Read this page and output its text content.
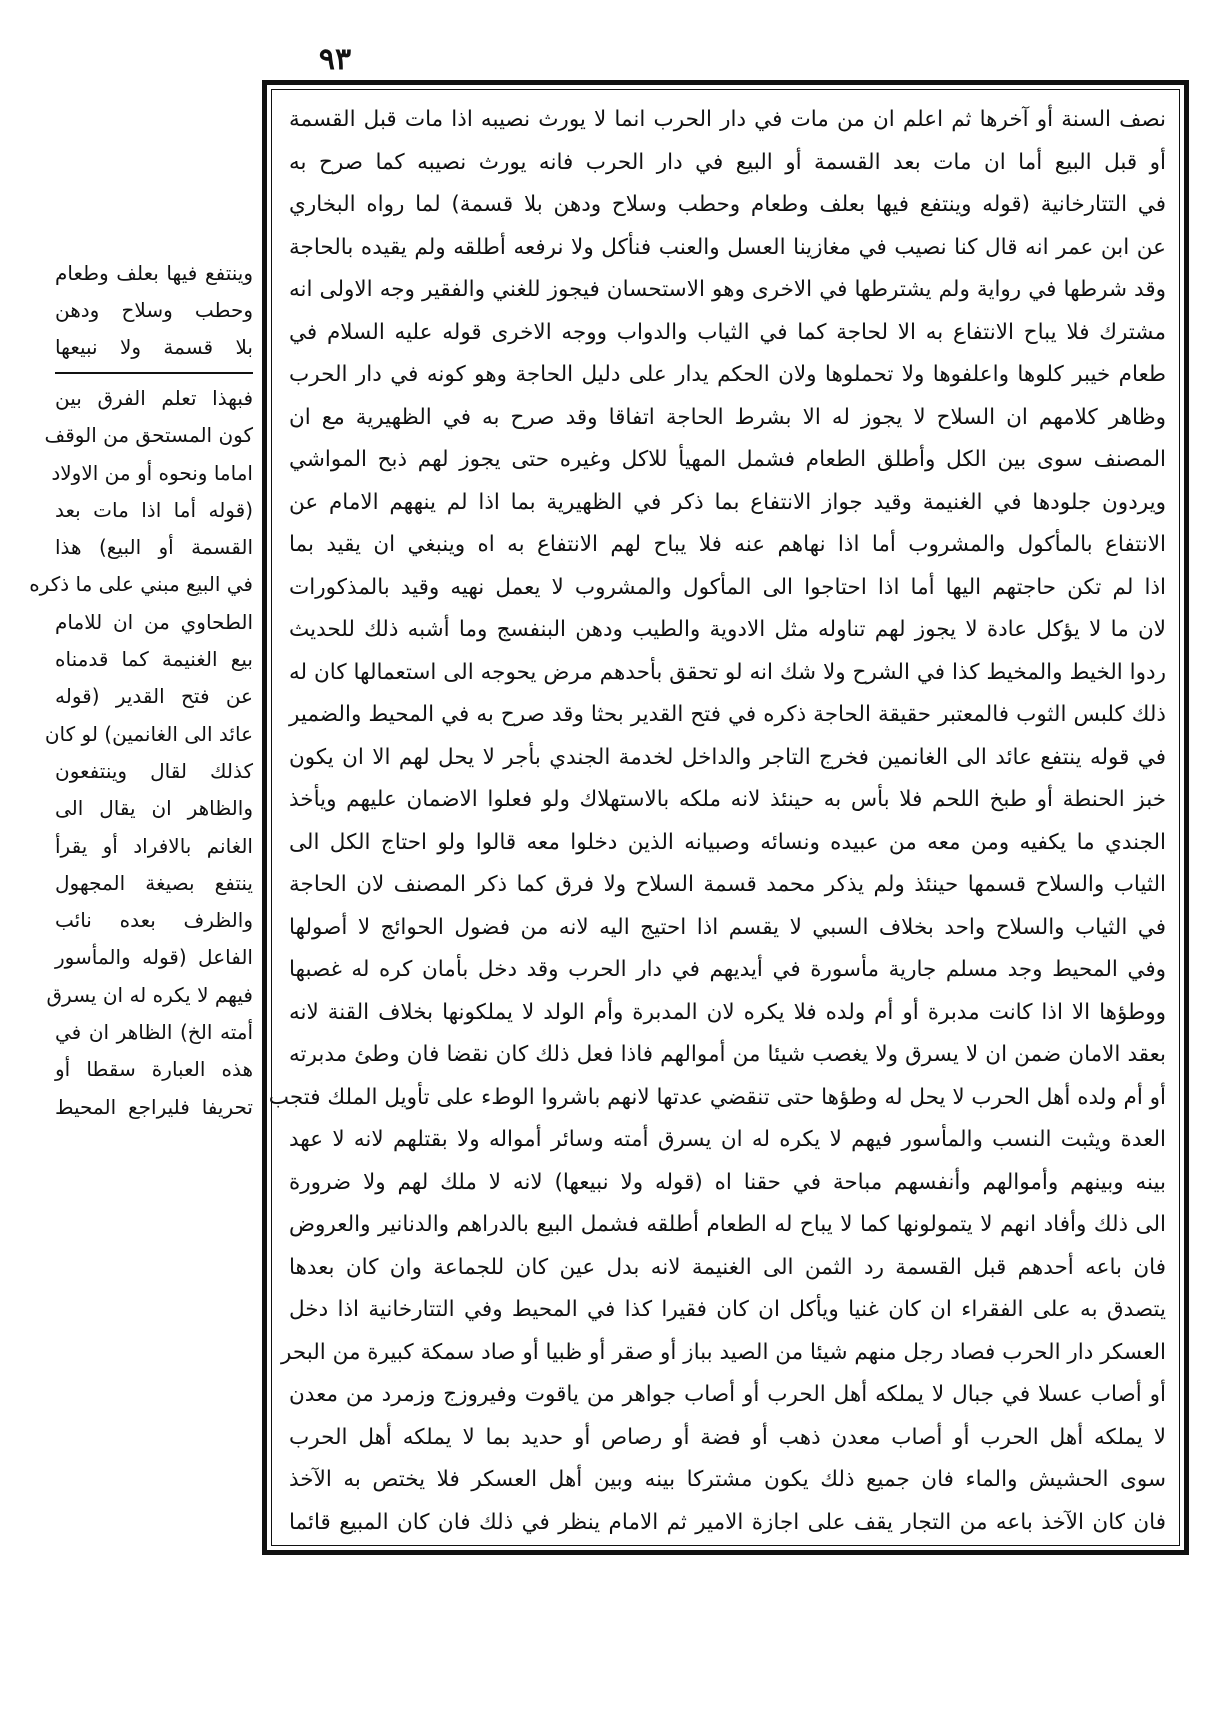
٩٣
نصف السنة أو آخرها ثم اعلم ان من مات في دار الحرب انما لا يورث نصيبه اذا مات قبل القسمة
أو قبل البيع أما ان مات بعد القسمة أو البيع في دار الحرب فانه يورث نصيبه كما صرح به
في التتارخانية (قوله وينتفع فيها بعلف وطعام وحطب وسلاح ودهن بلا قسمة) لما رواه البخاري
عن ابن عمر انه قال كنا نصيب في مغازينا العسل والعنب فنأكل ولا نرفعه أطلقه ولم يقيده بالحاجة
وقد شرطها في رواية ولم يشترطها في الاخرى وهو الاستحسان فيجوز للغني والفقير وجه الاولى انه
مشترك فلا يباح الانتفاع به الا لحاجة كما في الثياب والدواب ووجه الاخرى قوله عليه السلام في
طعام خيبر كلوها واعلفوها ولا تحملوها ولان الحكم يدار على دليل الحاجة وهو كونه في دار الحرب
وظاهر كلامهم ان السلاح لا يجوز له الا بشرط الحاجة اتفاقا وقد صرح به في الظهيرية مع ان
المصنف سوى بين الكل وأطلق الطعام فشمل المهيأ للاكل وغيره حتى يجوز لهم ذبح المواشي
ويردون جلودها في الغنيمة وقيد جواز الانتفاع بما ذكر في الظهيرية بما اذا لم ينههم الامام عن
الانتفاع بالمأكول والمشروب أما اذا نهاهم عنه فلا يباح لهم الانتفاع به اه وينبغي ان يقيد بما
اذا لم تكن حاجتهم اليها أما اذا احتاجوا الى المأكول والمشروب لا يعمل نهيه وقيد بالمذكورات
لان ما لا يؤكل عادة لا يجوز لهم تناوله مثل الادوية والطيب ودهن البنفسج وما أشبه ذلك للحديث
ردوا الخيط والمخيط كذا في الشرح ولا شك انه لو تحقق بأحدهم مرض يحوجه الى استعمالها كان له
ذلك كلبس الثوب فالمعتبر حقيقة الحاجة ذكره في فتح القدير بحثا وقد صرح به في المحيط والضمير
في قوله ينتفع عائد الى الغانمين فخرج التاجر والداخل لخدمة الجندي بأجر لا يحل لهم الا ان يكون
خبز الحنطة أو طبخ اللحم فلا بأس به حينئذ لانه ملكه بالاستهلاك ولو فعلوا الاضمان عليهم ويأخذ
الجندي ما يكفيه ومن معه من عبيده ونسائه وصبيانه الذين دخلوا معه قالوا ولو احتاج الكل الى
الثياب والسلاح قسمها حينئذ ولم يذكر محمد قسمة السلاح ولا فرق كما ذكر المصنف لان الحاجة
في الثياب والسلاح واحد بخلاف السبي لا يقسم اذا احتيج اليه لانه من فضول الحوائج لا أصولها
وفي المحيط وجد مسلم جارية مأسورة في أيديهم في دار الحرب وقد دخل بأمان كره له غصبها
ووطؤها الا اذا كانت مدبرة أو أم ولده فلا يكره لان المدبرة وأم الولد لا يملكونها بخلاف القنة لانه
بعقد الامان ضمن ان لا يسرق ولا يغصب شيئا من أموالهم فاذا فعل ذلك كان نقضا فان وطئ مدبرته
أو أم ولده أهل الحرب لا يحل له وطؤها حتى تنقضي عدتها لانهم باشروا الوطء على تأويل الملك فتجب
العدة ويثبت النسب والمأسور فيهم لا يكره له ان يسرق أمته وسائر أمواله ولا بقتلهم لانه لا عهد
بينه وبينهم وأموالهم وأنفسهم مباحة في حقنا اه (قوله ولا نبيعها) لانه لا ملك لهم ولا ضرورة
الى ذلك وأفاد انهم لا يتمولونها كما لا يباح له الطعام أطلقه فشمل البيع بالدراهم والدنانير والعروض
فان باعه أحدهم قبل القسمة رد الثمن الى الغنيمة لانه بدل عين كان للجماعة وان كان بعدها
يتصدق به على الفقراء ان كان غنيا ويأكل ان كان فقيرا كذا في المحيط وفي التتارخانية اذا دخل
العسكر دار الحرب فصاد رجل منهم شيئا من الصيد بباز أو صقر أو ظبيا أو صاد سمكة كبيرة من البحر
أو أصاب عسلا في جبال لا يملكه أهل الحرب أو أصاب جواهر من ياقوت وفيروزج وزمرد من معدن
لا يملكه أهل الحرب أو أصاب معدن ذهب أو فضة أو رصاص أو حديد بما لا يملكه أهل الحرب
سوى الحشيش والماء فان جميع ذلك يكون مشتركا بينه وبين أهل العسكر فلا يختص به الآخذ
فان كان الآخذ باعه من التجار يقف على اجازة الامير ثم الامام ينظر في ذلك فان كان المبيع قائما
وينتفع فيها بعلف وطعام
وحطب وسلاح ودهن
بلا قسمة ولا نبيعها
فبهذا تعلم الفرق بين
كون المستحق من الوقف
اماما ونحوه أو من الاولاد
(قوله أما اذا مات بعد
القسمة أو البيع) هذا
في البيع مبني على ما ذكره
الطحاوي من ان للامام
بيع الغنيمة كما قدمناه
عن فتح القدير (قوله
عائد الى الغانمين) لو كان
كذلك لقال وينتفعون
والظاهر ان يقال الى
الغانم بالافراد أو يقرأ
ينتفع بصيغة المجهول
والظرف بعده نائب
الفاعل (قوله والمأسور
فيهم لا يكره له ان يسرق
أمته الخ) الظاهر ان في
هذه العبارة سقطا أو
تحريفا فليراجع المحيط
